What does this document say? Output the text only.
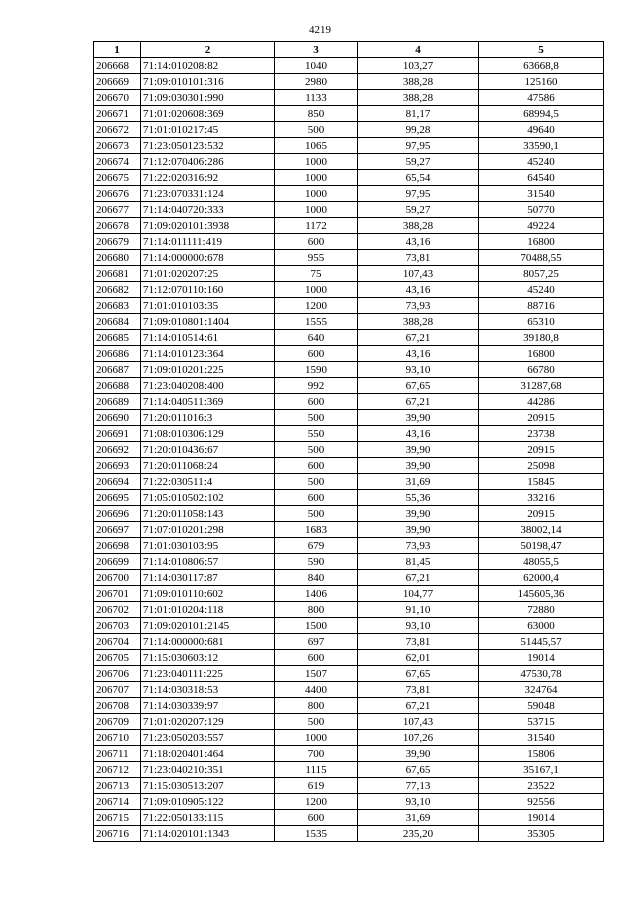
4219
1	2	3	4	5
206668	71:14:010208:82	1040	103,27	63668,8
206669	71:09:010101:316	2980	388,28	125160
206670	71:09:030301:990	1133	388,28	47586
206671	71:01:020608:369	850	81,17	68994,5
206672	71:01:010217:45	500	99,28	49640
206673	71:23:050123:532	1065	97,95	33590,1
206674	71:12:070406:286	1000	59,27	45240
206675	71:22:020316:92	1000	65,54	64540
206676	71:23:070331:124	1000	97,95	31540
206677	71:14:040720:333	1000	59,27	50770
206678	71:09:020101:3938	1172	388,28	49224
206679	71:14:011111:419	600	43,16	16800
206680	71:14:000000:678	955	73,81	70488,55
206681	71:01:020207:25	75	107,43	8057,25
206682	71:12:070110:160	1000	43,16	45240
206683	71:01:010103:35	1200	73,93	88716
206684	71:09:010801:1404	1555	388,28	65310
206685	71:14:010514:61	640	67,21	39180,8
206686	71:14:010123:364	600	43,16	16800
206687	71:09:010201:225	1590	93,10	66780
206688	71:23:040208:400	992	67,65	31287,68
206689	71:14:040511:369	600	67,21	44286
206690	71:20:011016:3	500	39,90	20915
206691	71:08:010306:129	550	43,16	23738
206692	71:20:010436:67	500	39,90	20915
206693	71:20:011068:24	600	39,90	25098
206694	71:22:030511:4	500	31,69	15845
206695	71:05:010502:102	600	55,36	33216
206696	71:20:011058:143	500	39,90	20915
206697	71:07:010201:298	1683	39,90	38002,14
206698	71:01:030103:95	679	73,93	50198,47
206699	71:14:010806:57	590	81,45	48055,5
206700	71:14:030117:87	840	67,21	62000,4
206701	71:09:010110:602	1406	104,77	145605,36
206702	71:01:010204:118	800	91,10	72880
206703	71:09:020101:2145	1500	93,10	63000
206704	71:14:000000:681	697	73,81	51445,57
206705	71:15:030603:12	600	62,01	19014
206706	71:23:040111:225	1507	67,65	47530,78
206707	71:14:030318:53	4400	73,81	324764
206708	71:14:030339:97	800	67,21	59048
206709	71:01:020207:129	500	107,43	53715
206710	71:23:050203:557	1000	107,26	31540
206711	71:18:020401:464	700	39,90	15806
206712	71:23:040210:351	1115	67,65	35167,1
206713	71:15:030513:207	619	77,13	23522
206714	71:09:010905:122	1200	93,10	92556
206715	71:22:050133:115	600	31,69	19014
206716	71:14:020101:1343	1535	235,20	35305
